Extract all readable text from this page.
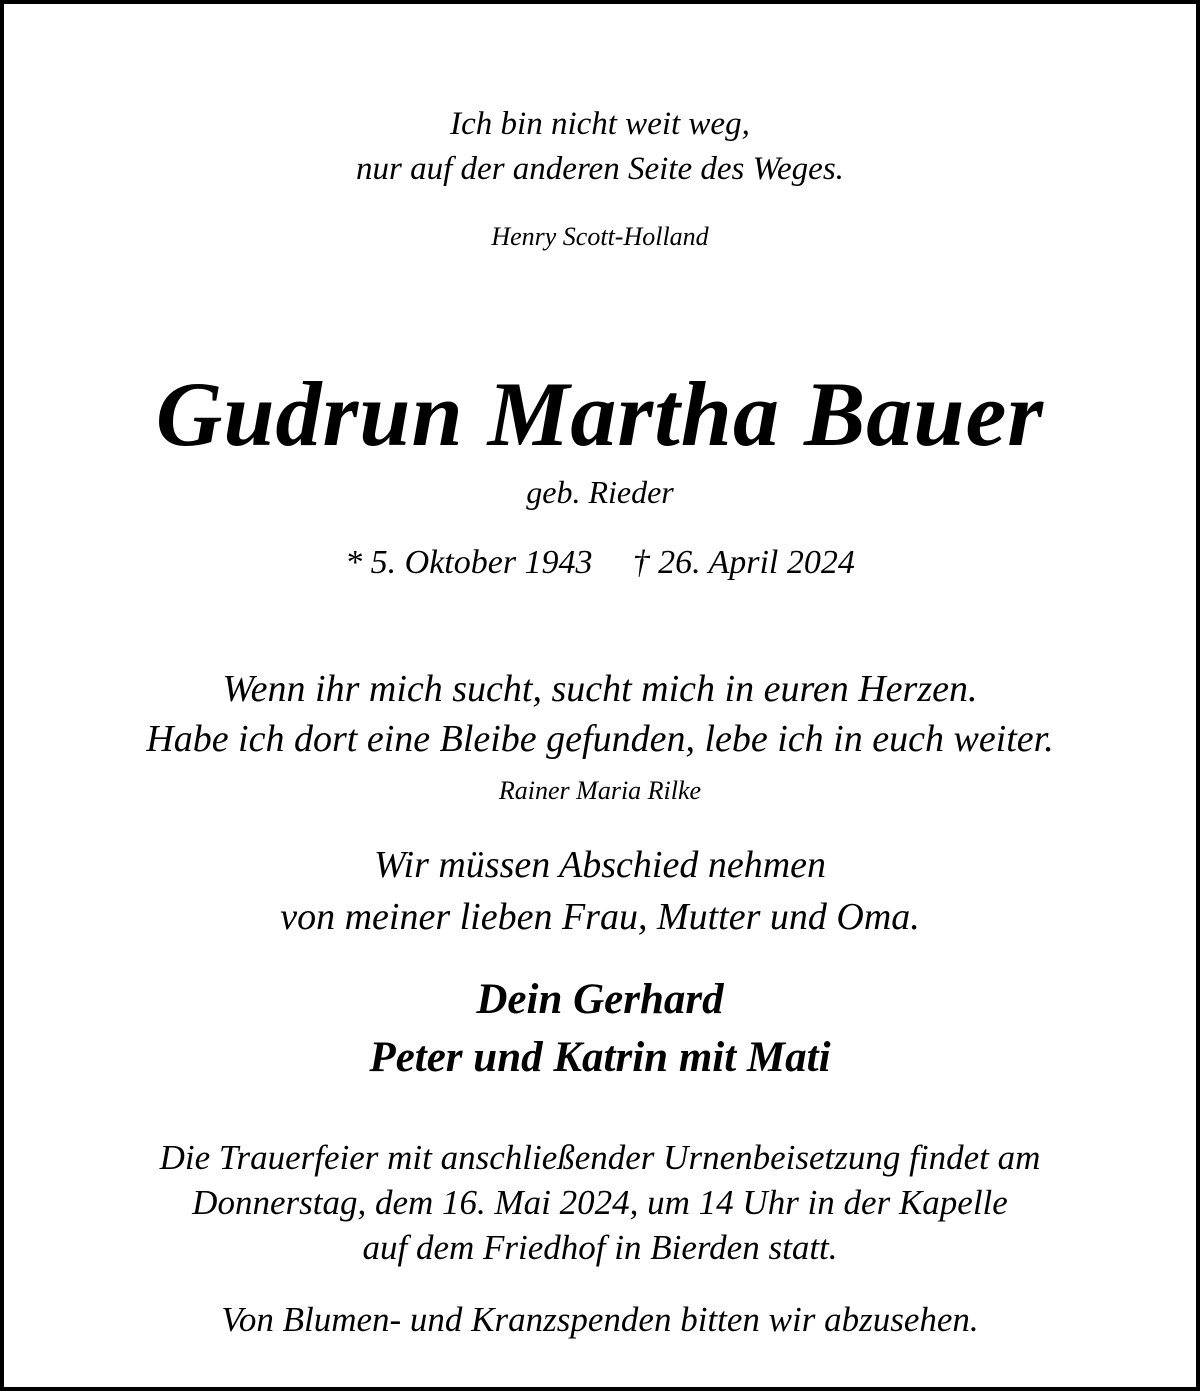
Ich bin nicht weit weg,
nur auf der anderen Seite des Weges.
Henry Scott-Holland
Gudrun Martha Bauer
geb. Rieder
* 5. Oktober 1943 † 26. April 2024
Wenn ihr mich sucht, sucht mich in euren Herzen.
Habe ich dort eine Bleibe gefunden, lebe ich in euch weiter.
Rainer Maria Rilke
Wir müssen Abschied nehmen
von meiner lieben Frau, Mutter und Oma.
Dein Gerhard
Peter und Katrin mit Mati
Die Trauerfeier mit anschließender Urnenbeisetzung findet am
Donnerstag, dem 16. Mai 2024, um 14 Uhr in der Kapelle
auf dem Friedhof in Bierden statt.
Von Blumen- und Kranzspenden bitten wir abzusehen.
